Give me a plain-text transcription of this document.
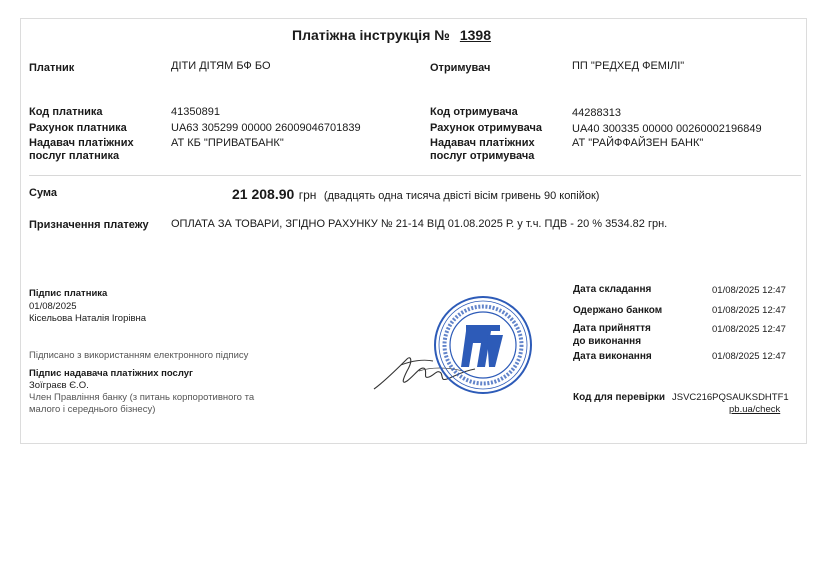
Платіжна інструкція № 1398
Платник	ДІТИ ДІТЯМ БФ БО
Код платника	41350891
Рахунок платника	UA63 305299 00000 26009046701839
Надавач платіжних
послуг платника
АТ КБ "ПРИВАТБАНК"
Отримувач	ПП "РЕДХЕД ФЕМІЛІ"
Код отримувача	44288313
Рахунок отримувача	UA40 300335 00000 00260002196849
Надавач платіжних
послуг отримувача
АТ "РАЙФФАЙЗЕН БАНК"
Сума	21 208.90 грн (двадцять одна тисяча двісті вісім гривень 90 копійок)
Призначення платежу ОПЛАТА ЗА ТОВАРИ, ЗГІДНО РАХУНКУ № 21-14 ВІД 01.08.2025 Р. у т.ч. ПДВ - 20 % 3534.82 грн.
Підпис платника
01/08/2025
Кісельова Наталія Ігорівна
Підписано з використанням електронного підпису
Підпис надавача платіжних послуг
Зоїграєв Є.О.
Член Правління банку (з питань корпоротивного та
малого і середнього бізнесу)
Дата складання	01/08/2025 12:47
Одержано банком	01/08/2025 12:47
Дата прийняття
до виконання
01/08/2025 12:47
Дата виконання	01/08/2025 12:47
Код для перевірки JSVC216PQSAUKSDHTF1
pb.ua/check
